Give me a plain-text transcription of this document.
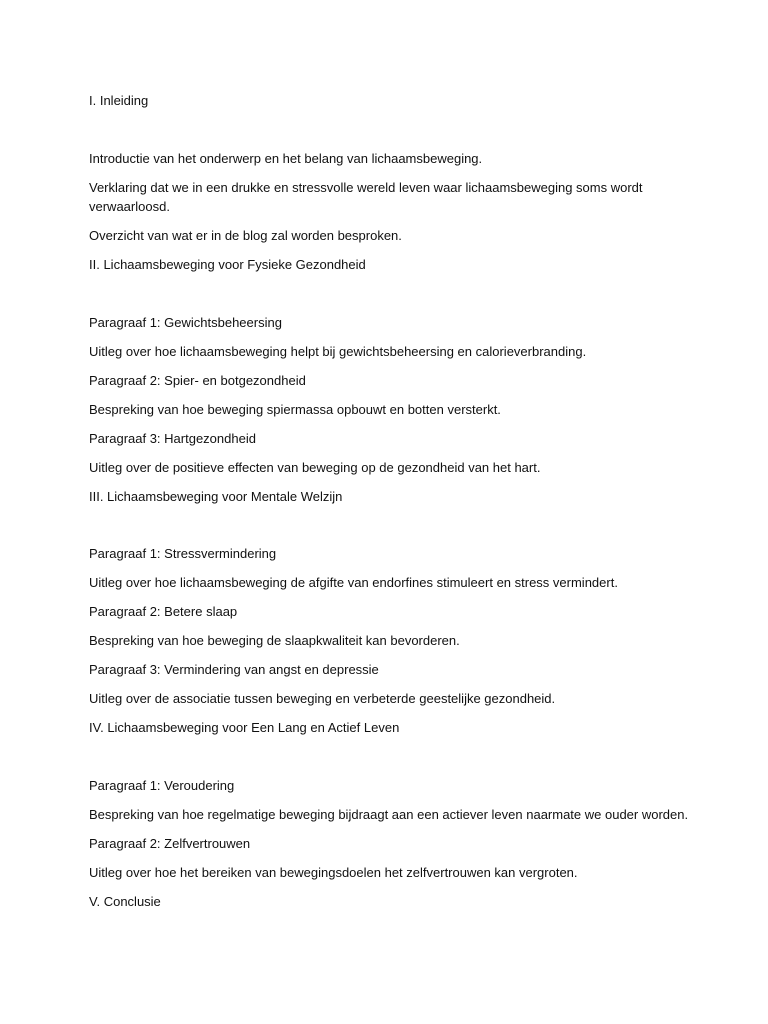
I. Inleiding
Introductie van het onderwerp en het belang van lichaamsbeweging.
Verklaring dat we in een drukke en stressvolle wereld leven waar lichaamsbeweging soms wordt verwaarloosd.
Overzicht van wat er in de blog zal worden besproken.
II. Lichaamsbeweging voor Fysieke Gezondheid
Paragraaf 1: Gewichtsbeheersing
Uitleg over hoe lichaamsbeweging helpt bij gewichtsbeheersing en calorieverbranding.
Paragraaf 2: Spier- en botgezondheid
Bespreking van hoe beweging spiermassa opbouwt en botten versterkt.
Paragraaf 3: Hartgezondheid
Uitleg over de positieve effecten van beweging op de gezondheid van het hart.
III. Lichaamsbeweging voor Mentale Welzijn
Paragraaf 1: Stressvermindering
Uitleg over hoe lichaamsbeweging de afgifte van endorfines stimuleert en stress vermindert.
Paragraaf 2: Betere slaap
Bespreking van hoe beweging de slaapkwaliteit kan bevorderen.
Paragraaf 3: Vermindering van angst en depressie
Uitleg over de associatie tussen beweging en verbeterde geestelijke gezondheid.
IV. Lichaamsbeweging voor Een Lang en Actief Leven
Paragraaf 1: Veroudering
Bespreking van hoe regelmatige beweging bijdraagt aan een actiever leven naarmate we ouder worden.
Paragraaf 2: Zelfvertrouwen
Uitleg over hoe het bereiken van bewegingsdoelen het zelfvertrouwen kan vergroten.
V. Conclusie
